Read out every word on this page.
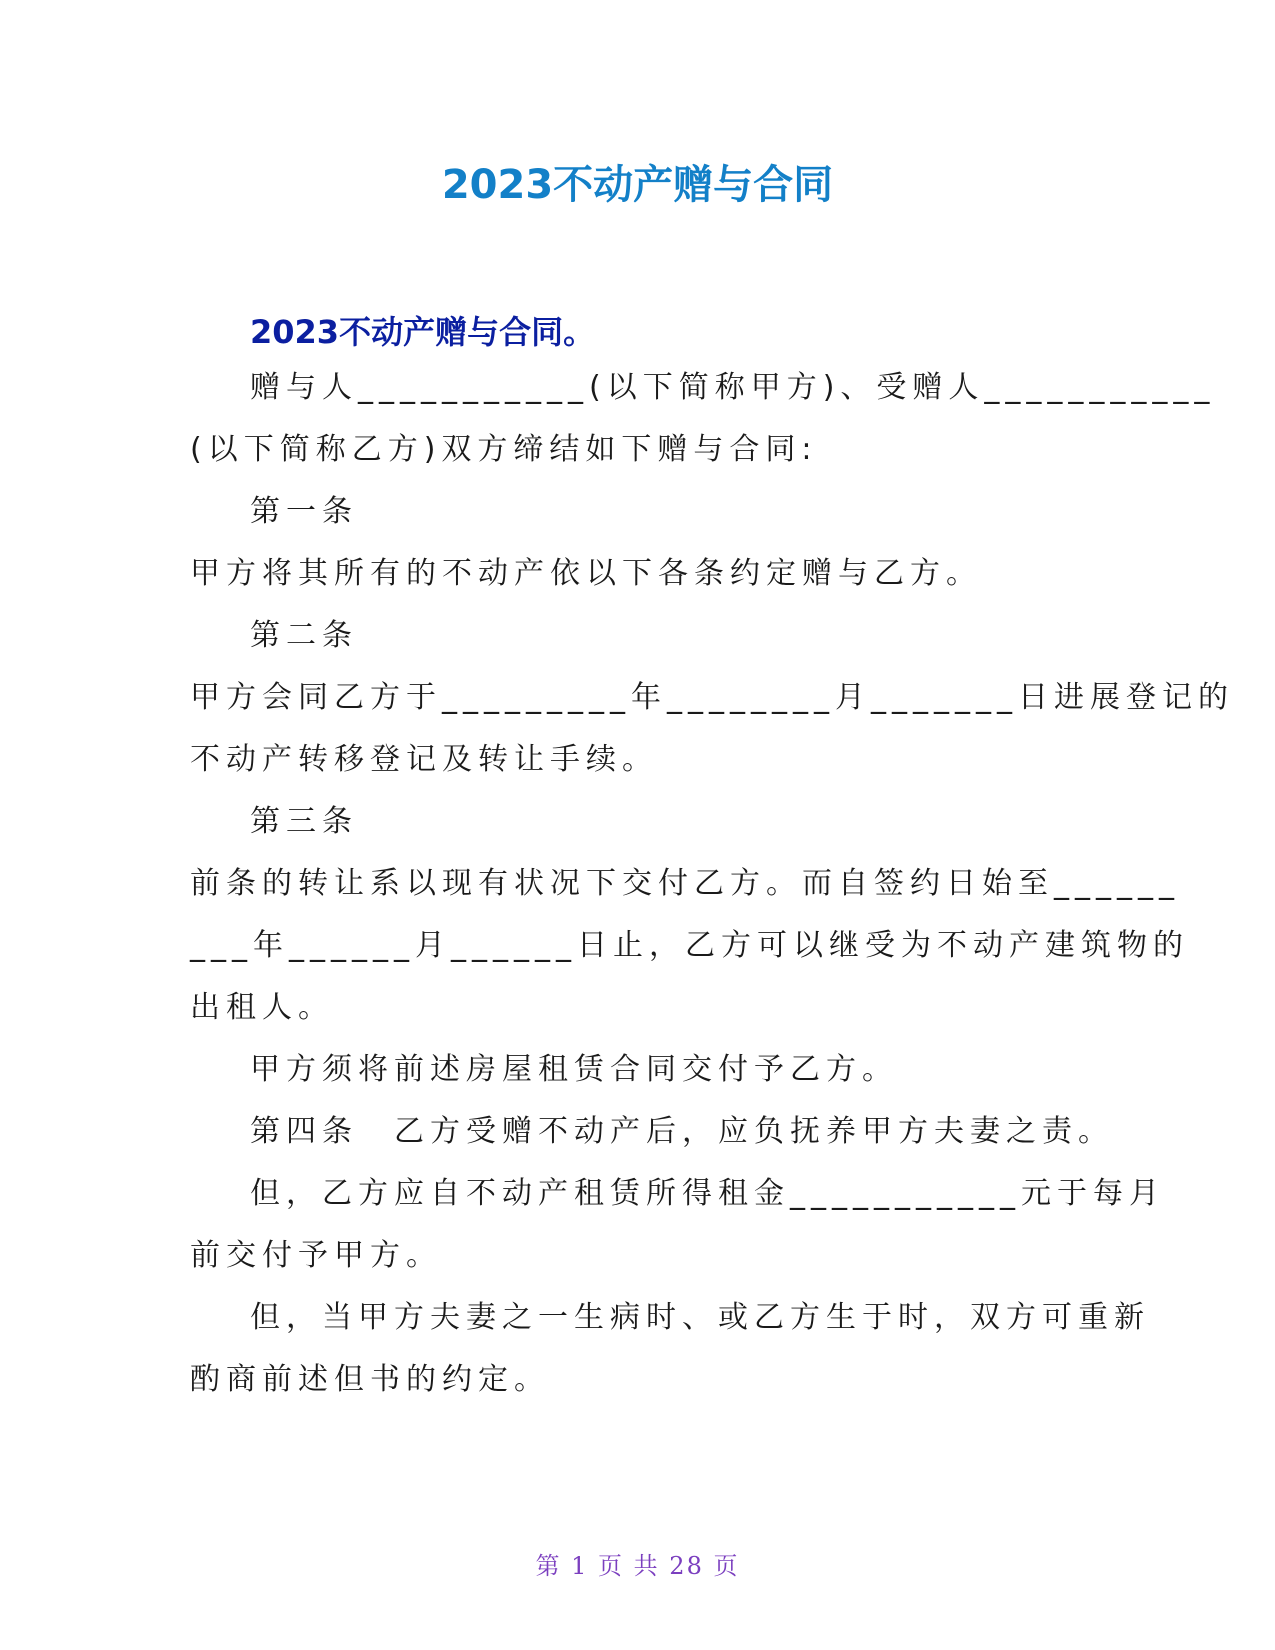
2023不动产赠与合同
2023不动产赠与合同。
赠与人___________(以下简称甲方)、受赠人___________
(以下简称乙方)双方缔结如下赠与合同:
第一条
甲方将其所有的不动产依以下各条约定赠与乙方。
第二条
甲方会同乙方于_________年________月_______日进展登记的
不动产转移登记及转让手续。
第三条
前条的转让系以现有状况下交付乙方。而自签约日始至______
___年______月______日止，乙方可以继受为不动产建筑物的
出租人。
甲方须将前述房屋租赁合同交付予乙方。
第四条　乙方受赠不动产后，应负抚养甲方夫妻之责。
但，乙方应自不动产租赁所得租金___________元于每月
前交付予甲方。
但，当甲方夫妻之一生病时、或乙方生于时，双方可重新
酌商前述但书的约定。
第 1 页 共 28 页
